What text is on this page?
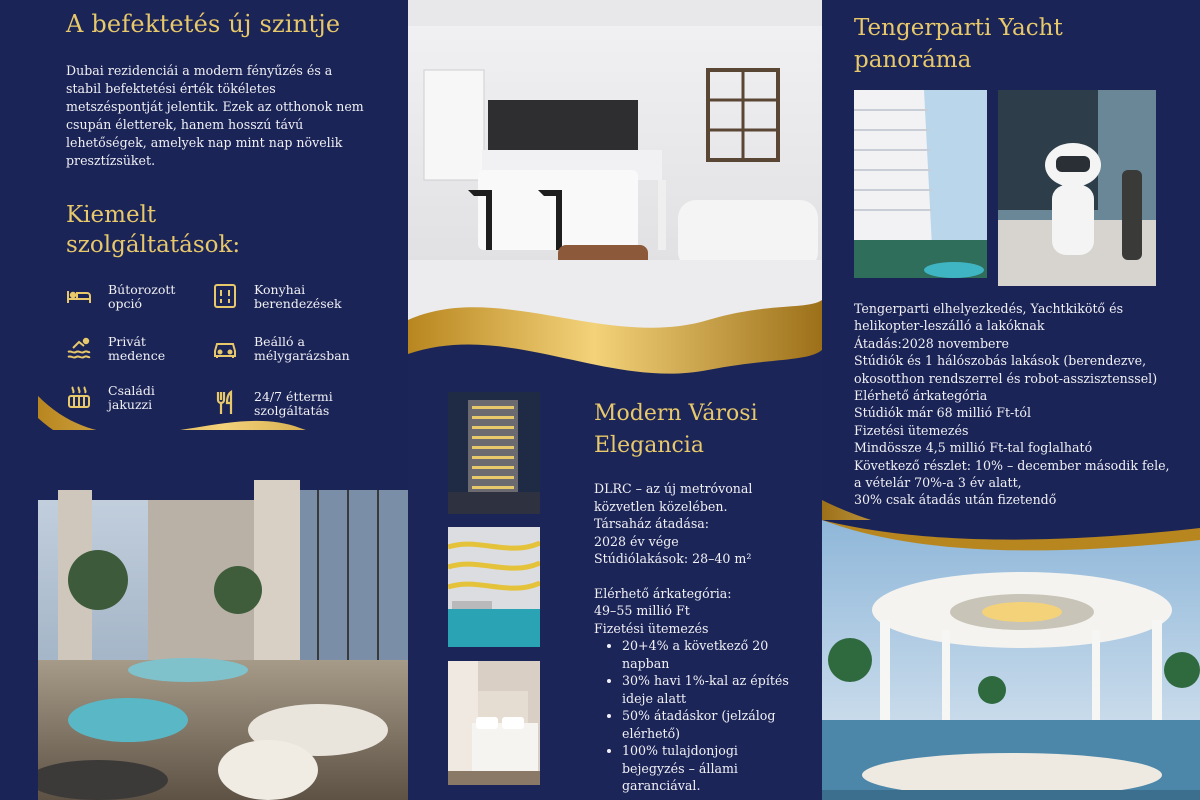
A befektetés új szintje
Dubai rezidenciái a modern fényűzés és a stabil befektetési érték tökéletes metszéspontját jelentik. Ezek az otthonok nem csupán életterek, hanem hosszú távú lehetőségek, amelyek nap mint nap növelik presztízsüket.
Kiemelt szolgáltatások:
Bútorozott
opció
Konyhai
berendezések
Privát
medence
Beálló a
mélygarázsban
Családi
jakuzzi
24/7 éttermi
szolgáltatás	Modern Városi Elegancia

DLRC – az új metróvonal közvetlen közelében.

Társaház átadása:

2028 év vége

Stúdiólakások: 28–40 m²

Elérhető árkategória:

49–55 millió Ft

Fizetési ütemezés

• 20+4% a következő 20 napban
• 30% havi 1%-kal az építés ideje alatt
• 50% átadáskor (jelzálog elérhető)
• 100% tulajdonjogi bejegyzés – állami garanciával.
Tengerparti Yacht panoráma

Tengerparti elhelyezkedés, Yachtkikötő és helikopter-leszálló a lakóknak

Átadás:2028 novembere

Stúdiók és 1 hálószobás lakások (berendezve, okosotthon rendszerrel és robot-asszisztenssel)

Elérhető árkategória

Stúdiók már 68 millió Ft-tól

Fizetési ütemezés

Mindössze 4,5 millió Ft-tal foglalható

Következő részlet: 10% – december második fele, a vételár 70%-a 3 év alatt,

30% csak átadás után fizetendő
